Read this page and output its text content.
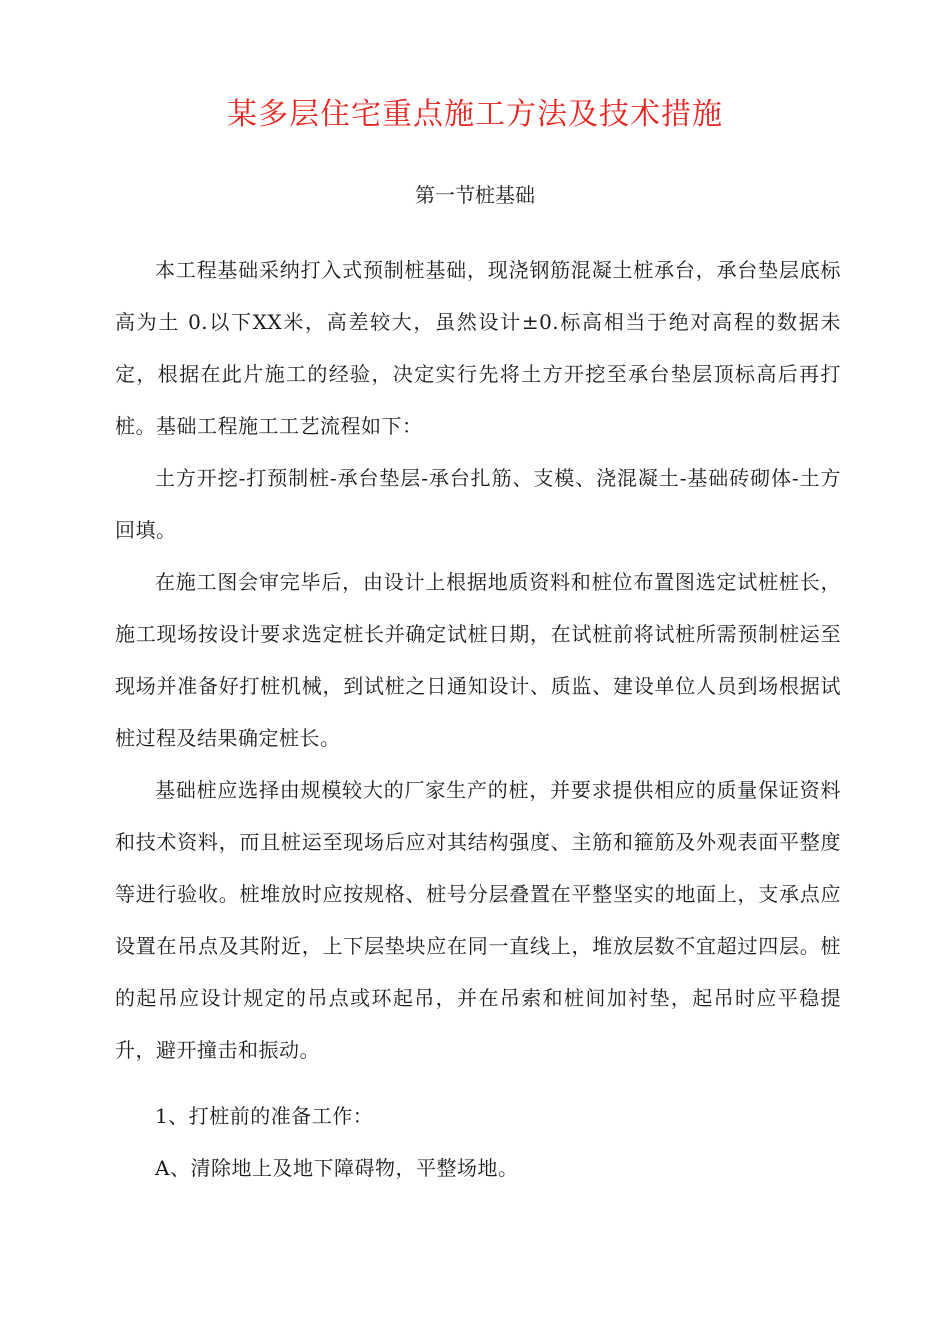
某多层住宅重点施工方法及技术措施
第一节桩基础

本工程基础采纳打入式预制桩基础，现浇钢筋混凝土桩承台，承台垫层底标高为土 0.以下XX米，高差较大，虽然设计±0.标高相当于绝对高程的数据未定，根据在此片施工的经验，决定实行先将土方开挖至承台垫层顶标高后再打桩。基础工程施工工艺流程如下：

土方开挖-打预制桩-承台垫层-承台扎筋、支模、浇混凝土-基础砖砌体-土方回填。

在施工图会审完毕后，由设计上根据地质资料和桩位布置图选定试桩桩长，施工现场按设计要求选定桩长并确定试桩日期，在试桩前将试桩所需预制桩运至现场并准备好打桩机械，到试桩之日通知设计、质监、建设单位人员到场根据试桩过程及结果确定桩长。

基础桩应选择由规模较大的厂家生产的桩，并要求提供相应的质量保证资料和技术资料，而且桩运至现场后应对其结构强度、主筋和箍筋及外观表面平整度等进行验收。桩堆放时应按规格、桩号分层叠置在平整坚实的地面上，支承点应设置在吊点及其附近，上下层垫块应在同一直线上，堆放层数不宜超过四层。桩的起吊应设计规定的吊点或环起吊，并在吊索和桩间加衬垫，起吊时应平稳提升，避开撞击和振动。

1、打桩前的准备工作：

A、清除地上及地下障碍物，平整场地。
